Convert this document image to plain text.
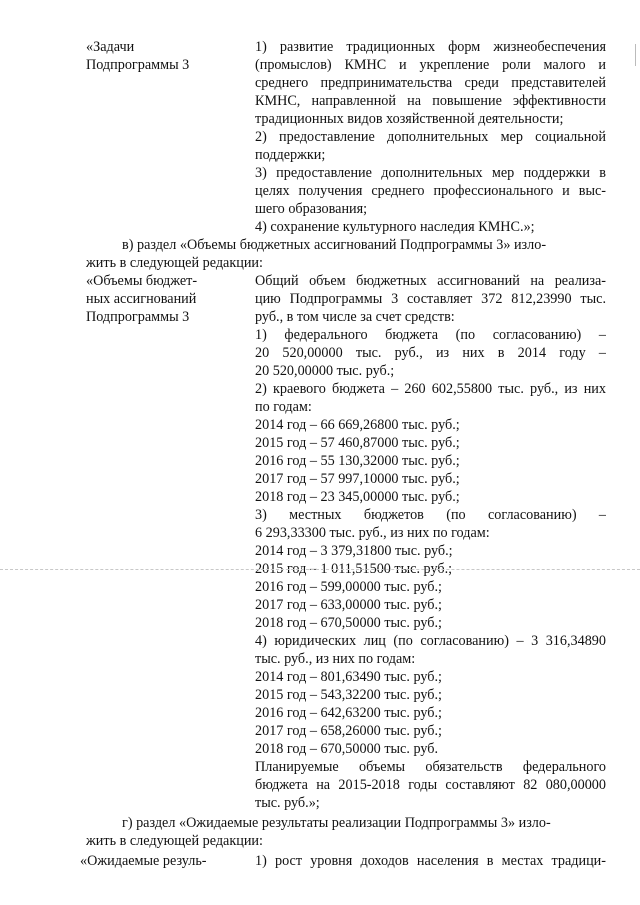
«Задачи
Подпрограммы 3
1) развитие традиционных форм жизнеобеспечения
(промыслов) КМНС и укрепление роли малого и
среднего предпринимательства среди представителей
КМНС, направленной на повышение эффективности
традиционных видов хозяйственной деятельности;
2) предоставление дополнительных мер социальной
поддержки;
3) предоставление дополнительных мер поддержки в
целях получения среднего профессионального и выс-
шего образования;
4) сохранение культурного наследия КМНС.»;
в) раздел «Объемы бюджетных ассигнований Подпрограммы 3» изло-
жить в следующей редакции:
«Объемы бюджет-
ных ассигнований
Подпрограммы 3
Общий объем бюджетных ассигнований на реализа-
цию Подпрограммы 3 составляет 372 812,23990 тыс.
руб., в том числе за счет средств:
1) федерального бюджета (по согласованию) –
20 520,00000 тыс. руб., из них в 2014 году –
20 520,00000 тыс. руб.;
2) краевого бюджета – 260 602,55800 тыс. руб., из них
по годам:
2014 год – 66 669,26800 тыс. руб.;
2015 год – 57 460,87000 тыс. руб.;
2016 год – 55 130,32000 тыс. руб.;
2017 год – 57 997,10000 тыс. руб.;
2018 год – 23 345,00000 тыс. руб.;
3) местных бюджетов (по согласованию) –
6 293,33300 тыс. руб., из них по годам:
2014 год – 3 379,31800 тыс. руб.;
2015 год – 1 011,51500 тыс. руб.;
2016 год – 599,00000 тыс. руб.;
2017 год – 633,00000 тыс. руб.;
2018 год – 670,50000 тыс. руб.;
4) юридических лиц (по согласованию) – 3 316,34890
тыс. руб., из них по годам:
2014 год – 801,63490 тыс. руб.;
2015 год – 543,32200 тыс. руб.;
2016 год – 642,63200 тыс. руб.;
2017 год – 658,26000 тыс. руб.;
2018 год – 670,50000 тыс. руб.
Планируемые объемы обязательств федерального
бюджета на 2015-2018 годы составляют 82 080,00000
тыс. руб.»;
г) раздел «Ожидаемые результаты реализации Подпрограммы 3» изло-
жить в следующей редакции:
«Ожидаемые резуль-	1) рост уровня доходов населения в местах традици-
